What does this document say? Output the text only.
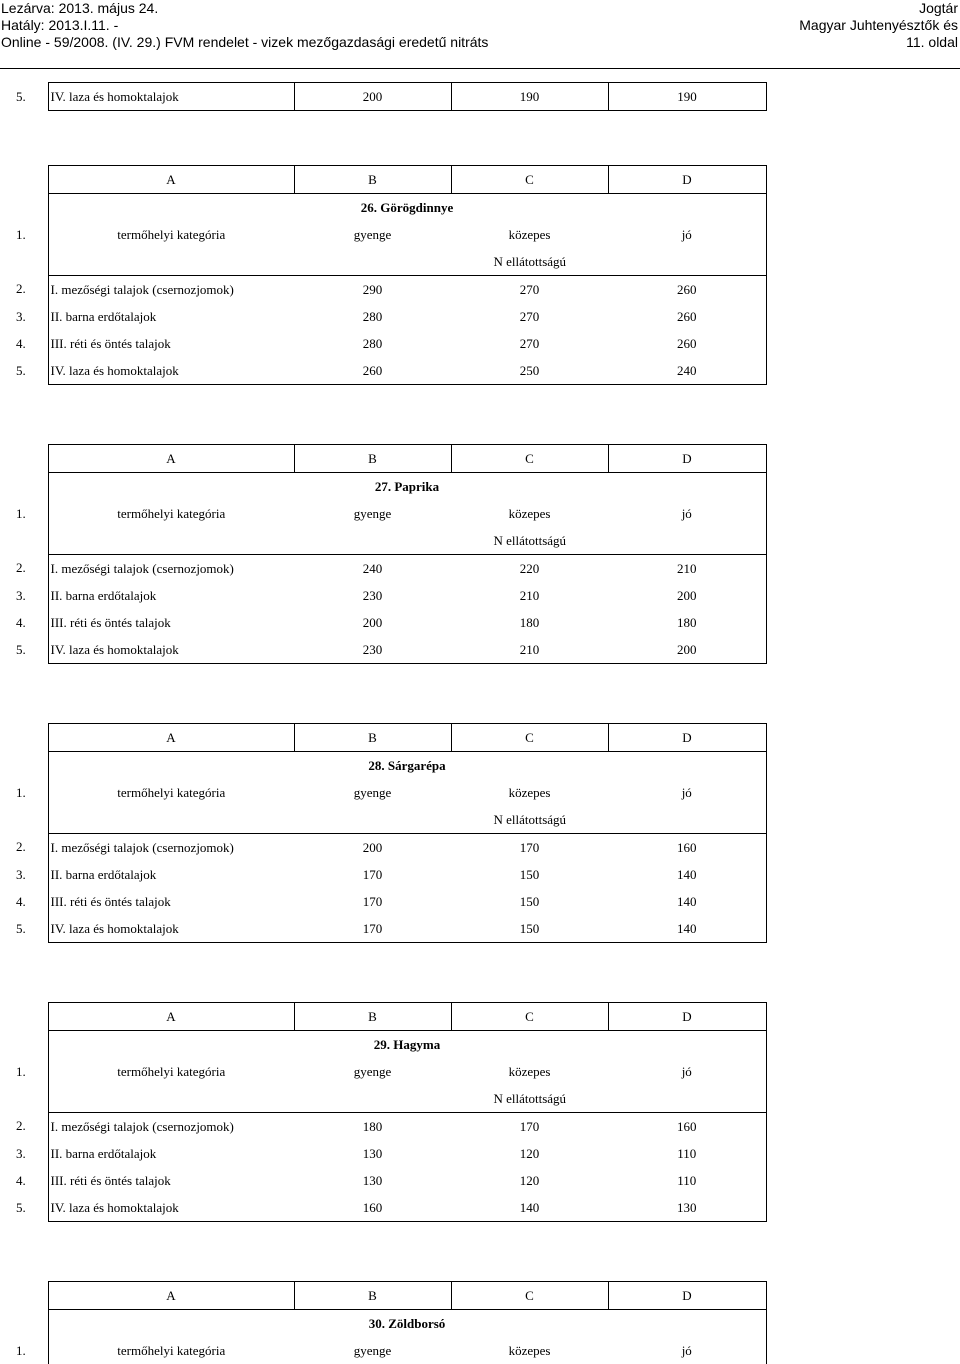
Lezárva: 2013. május 24.
Hatály: 2013.I.11. -
Online - 59/2008. (IV. 29.) FVM rendelet - vizek mezőgazdasági eredetű nitráts
Jogtár
Magyar Juhtenyésztők és
11. oldal
5.	IV. laza és homoktalajok	200	190	190
	A	B	C	D
	26. Görögdinnye			
1.	termőhelyi kategória	gyenge	közepes	jó
		N ellátottságú		
2.	I. mezőségi talajok (csernozjomok)	290	270	260
3.	II. barna erdőtalajok	280	270	260
4.	III. réti és öntés talajok	280	270	260
5.	IV. laza és homoktalajok	260	250	240
	A	B	C	D
	27. Paprika			
1.	termőhelyi kategória	gyenge	közepes	jó
		N ellátottságú		
2.	I. mezőségi talajok (csernozjomok)	240	220	210
3.	II. barna erdőtalajok	230	210	200
4.	III. réti és öntés talajok	200	180	180
5.	IV. laza és homoktalajok	230	210	200
	A	B	C	D
	28. Sárgarépa			
1.	termőhelyi kategória	gyenge	közepes	jó
		N ellátottságú		
2.	I. mezőségi talajok (csernozjomok)	200	170	160
3.	II. barna erdőtalajok	170	150	140
4.	III. réti és öntés talajok	170	150	140
5.	IV. laza és homoktalajok	170	150	140
	A	B	C	D
	29. Hagyma			
1.	termőhelyi kategória	gyenge	közepes	jó
		N ellátottságú		
2.	I. mezőségi talajok (csernozjomok)	180	170	160
3.	II. barna erdőtalajok	130	120	110
4.	III. réti és öntés talajok	130	120	110
5.	IV. laza és homoktalajok	160	140	130
	A	B	C	D
	30. Zöldborsó			
1.	termőhelyi kategória	gyenge	közepes	jó
